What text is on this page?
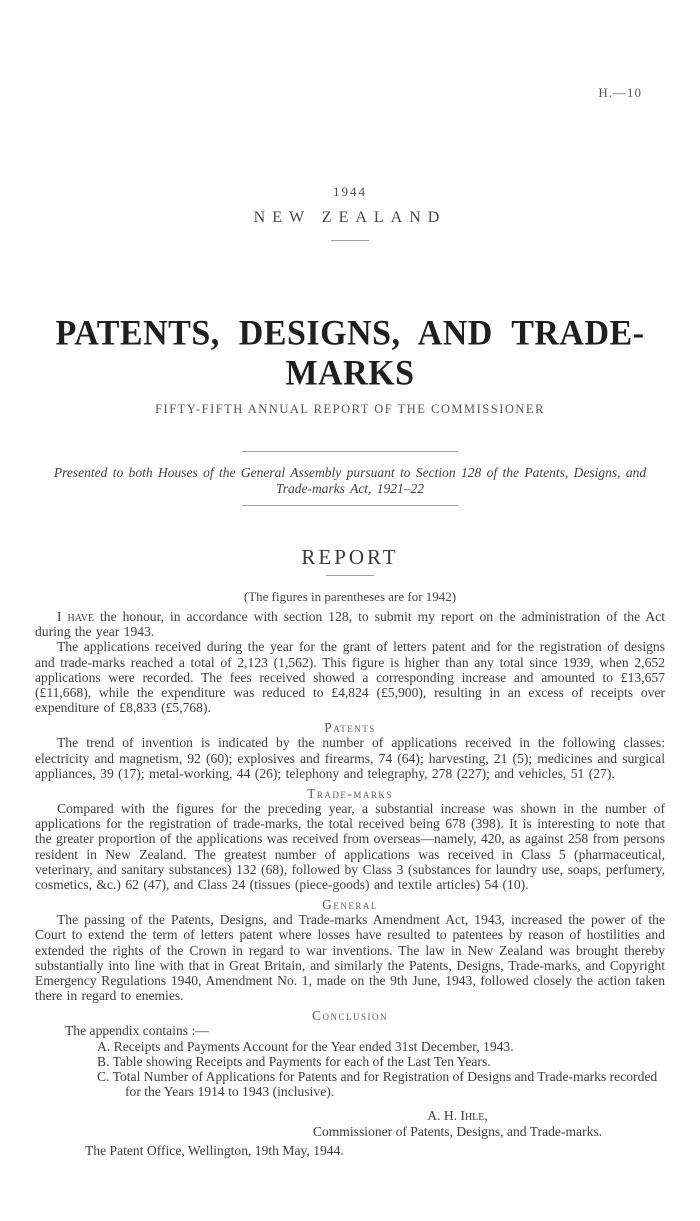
H.—10
1944
NEW ZEALAND
PATENTS, DESIGNS, AND TRADE-MARKS
FIFTY-FIFTH ANNUAL REPORT OF THE COMMISSIONER
Presented to both Houses of the General Assembly pursuant to Section 128 of the Patents, Designs, and
Trade-marks Act, 1921–22
REPORT
(The figures in parentheses are for 1942)

I have the honour, in accordance with section 128, to submit my report on the administration of the Act during the year 1943.

The applications received during the year for the grant of letters patent and for the registration of designs and trade-marks reached a total of 2,123 (1,562). This figure is higher than any total since 1939, when 2,652 applications were recorded. The fees received showed a corresponding increase and amounted to £13,657 (£11,668), while the expenditure was reduced to £4,824 (£5,900), resulting in an excess of receipts over expenditure of £8,833 (£5,768).

Patents

The trend of invention is indicated by the number of applications received in the following classes: electricity and magnetism, 92 (60); explosives and firearms, 74 (64); harvesting, 21 (5); medicines and surgical appliances, 39 (17); metal-working, 44 (26); telephony and telegraphy, 278 (227); and vehicles, 51 (27).

Trade-marks

Compared with the figures for the preceding year, a substantial increase was shown in the number of applications for the registration of trade-marks, the total received being 678 (398). It is interesting to note that the greater proportion of the applications was received from overseas—namely, 420, as against 258 from persons resident in New Zealand. The greatest number of applications was received in Class 5 (pharmaceutical, veterinary, and sanitary substances) 132 (68), followed by Class 3 (substances for laundry use, soaps, perfumery, cosmetics, &c.) 62 (47), and Class 24 (tissues (piece-goods) and textile articles) 54 (10).

General

The passing of the Patents, Designs, and Trade-marks Amendment Act, 1943, increased the power of the Court to extend the term of letters patent where losses have resulted to patentees by reason of hostilities and extended the rights of the Crown in regard to war inventions. The law in New Zealand was brought thereby substantially into line with that in Great Britain, and similarly the Patents, Designs, Trade-marks, and Copyright Emergency Regulations 1940, Amendment No. 1, made on the 9th June, 1943, followed closely the action taken there in regard to enemies.

Conclusion

The appendix contains :—

A. Receipts and Payments Account for the Year ended 31st December, 1943.

B. Table showing Receipts and Payments for each of the Last Ten Years.

C. Total Number of Applications for Patents and for Registration of Designs and Trade-marks recorded for the Years 1914 to 1943 (inclusive).

A. H. Ihle,
Commissioner of Patents, Designs, and Trade-marks.
The Patent Office, Wellington, 19th May, 1944.
